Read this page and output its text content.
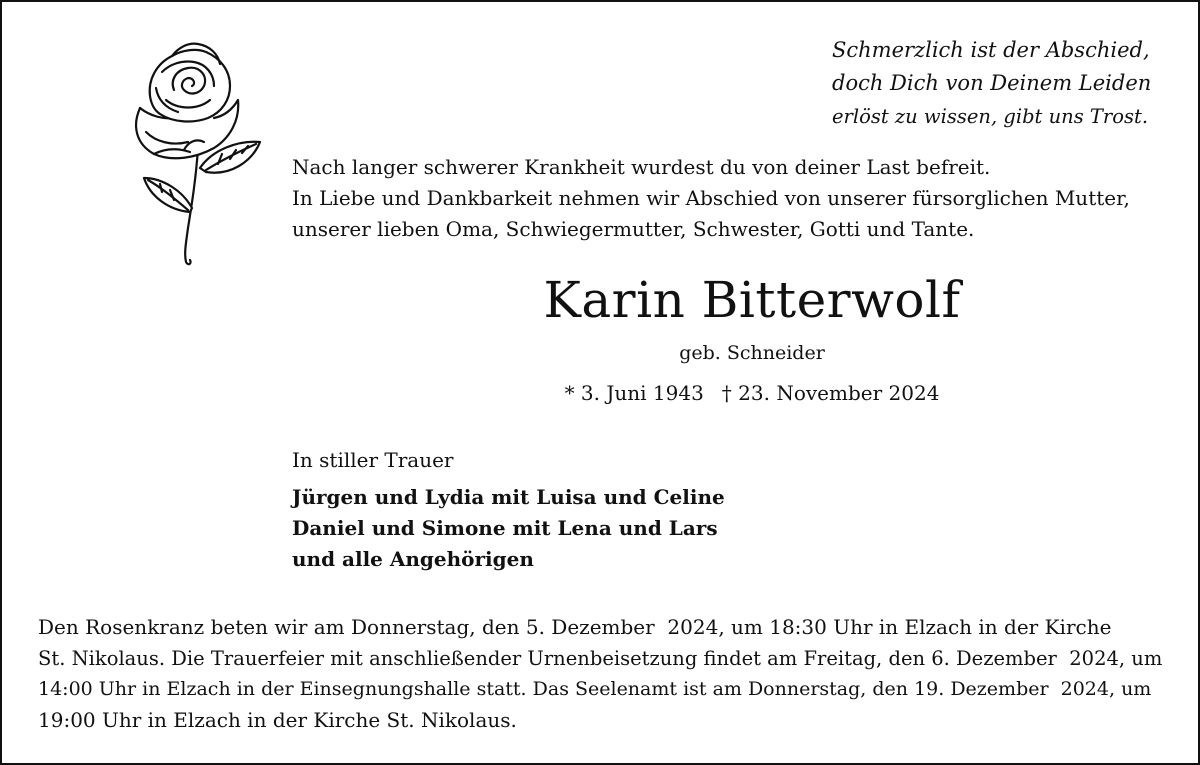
Schmerzlich ist der Abschied,
doch Dich von Deinem Leiden
erlöst zu wissen, gibt uns Trost.
Nach langer schwerer Krankheit wurdest du von deiner Last befreit.
In Liebe und Dankbarkeit nehmen wir Abschied von unserer fürsorglichen Mutter,
unserer lieben Oma, Schwiegermutter, Schwester, Gotti und Tante.
Karin Bitterwolf
geb. Schneider
* 3. Juni 1943 † 23. November 2024
In stiller Trauer
Jürgen und Lydia mit Luisa und Celine
Daniel und Simone mit Lena und Lars
und alle Angehörigen
Den Rosenkranz beten wir am Donnerstag, den 5. Dezember  2024, um 18:30 Uhr in Elzach in der Kirche
St. Nikolaus. Die Trauerfeier mit anschließender Urnenbeisetzung findet am Freitag, den 6. Dezember  2024, um
14:00 Uhr in Elzach in der Einsegnungshalle statt. Das Seelenamt ist am Donnerstag, den 19. Dezember  2024, um
19:00 Uhr in Elzach in der Kirche St. Nikolaus.
